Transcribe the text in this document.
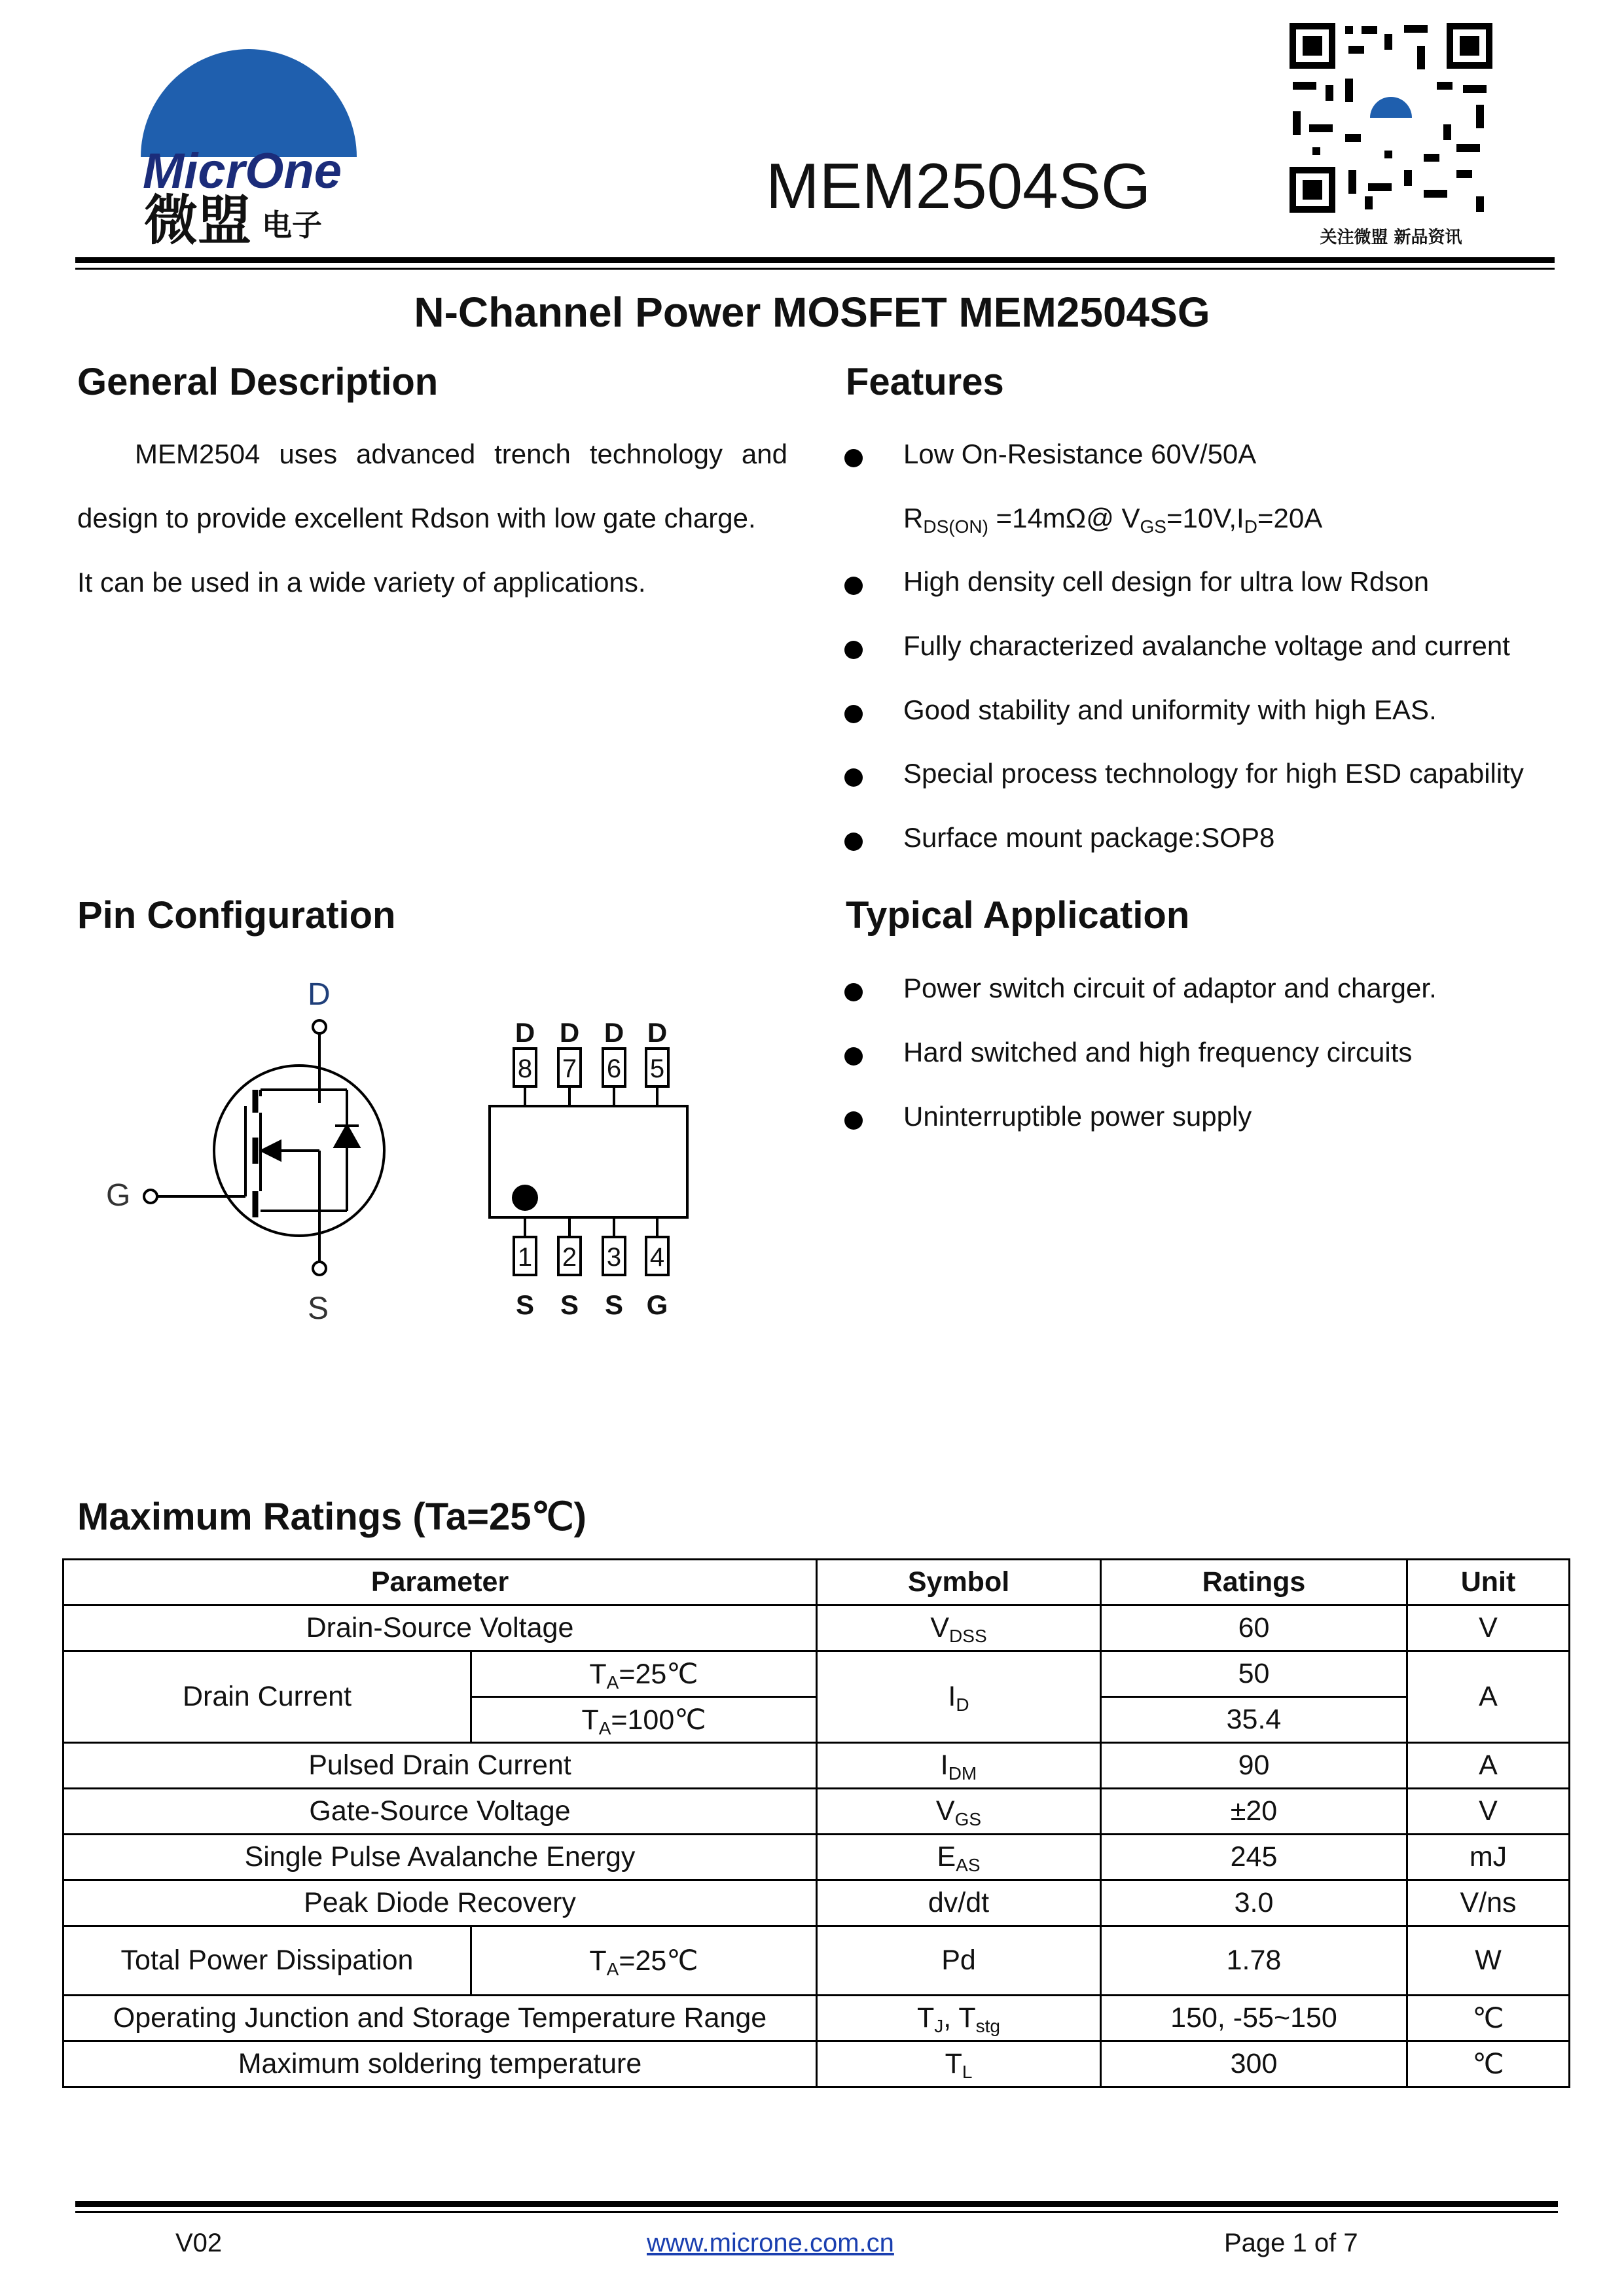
MicrOne
微盟 电子
MEM2504SG
关注微盟 新品资讯
N-Channel Power MOSFET MEM2504SG
General Description
MEM2504 uses advanced trench technology and
design to provide excellent Rdson with low gate charge.
It can be used in a wide variety of applications.
Features
Low On-Resistance 60V/50A
$R_{DS(ON)}$ =14mΩ@ $V_{GS}=10V,I_D=20A$
High density cell design for ultra low Rdson
Fully characterized avalanche voltage and current
Good stability and uniformity with high EAS.
Special process technology for high ESD capability
Surface mount package:SOP8
Pin Configuration
D
G
S
D D D D
8 7 6 5
1 2 3 4
S S S G
Typical Application
Power switch circuit of adaptor and charger.
Hard switched and high frequency circuits
Uninterruptible power supply
Maximum Ratings (Ta=25℃)
Parameter		Symbol	Ratings	Unit
Drain-Source Voltage		$V_{DSS}$	60	V
Drain Current	$T_A=25℃$	$I_D$	50	A
	$T_A=100℃$		35.4	
Pulsed Drain Current		$I_{DM}$	90	A
Gate-Source Voltage		$V_{GS}$	±20	V
Single Pulse Avalanche Energy		$E_{AS}$	245	mJ
Peak Diode Recovery		dv/dt	3.0	V/ns
Total Power Dissipation	$T_A=25℃$	Pd	1.78	W
Operating Junction and Storage Temperature Range		$T_J$, $T_{stg}$	150, -55~150	℃
Maximum soldering temperature		$T_L$	300	℃
V02	www.microne.com.cn	Page 1 of 7
